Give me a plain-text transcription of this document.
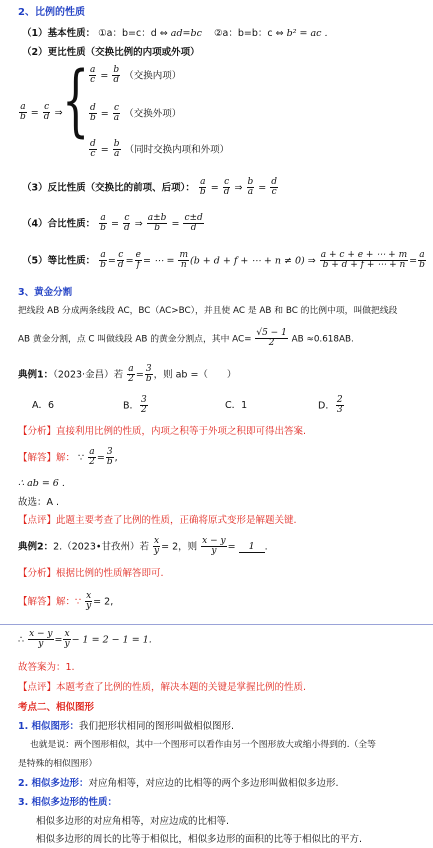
2、比例的性质
（1）基本性质： ①a：b=c：d ⇔ ad=bc ②a：b=b：c ⇔ b² = ac .
（2）更比性质（交换比例的内项或外项）
$\frac{a}{b} = \frac{c}{d}$ ⇒ { $\frac{a}{c} = \frac{b}{d}$ （交换内项）
$\frac{d}{b} = \frac{c}{a}$ （交换外项）
$\frac{d}{c} = \frac{b}{a}$ （同时交换内项和外项）
（3）反比性质（交换比的前项、后项）： $\frac{a}{b} = \frac{c}{d}$ ⇒ $\frac{b}{a} = \frac{d}{c}$
（4）合比性质： $\frac{a}{b} = \frac{c}{d}$ ⇒ $\frac{a\pm b}{b} = \frac{c\pm d}{d}$
（5）等比性质： $\frac{a}{b} = \frac{c}{d} = \frac{e}{f}$ = ⋯ = $\frac{m}{n} (b + d + f$ + ⋯ + n ≠ 0) ⇒ $\frac{a + c + e + \cdots + m}{b + d + f + \cdots + n} = \frac{a}{b}$
3、黄金分割
把线段 AB 分成两条线段 AC，BC（AC>BC），并且使 AC 是 AB 和 BC 的比例中项，叫做把线段
AB 黄金分割，点 C 叫做线段 AB 的黄金分割点，其中 $AC= \frac{√5 - 1}{2}$ AB ≈0.618AB.
典例1：（2023·金昌）若 $\frac{a}{2} = \frac{3}{b}$ ，则 ab =（　　）
A．6	B． $\frac{3}{2}$	C．1	D． $\frac{2}{3}$
【分析】直接利用比例的性质，内项之积等于外项之积即可得出答案.
【解答】解： ∵ $\frac{a}{2} = \frac{3}{b}$ ,
∴ ab = 6 .
故选：A .
【点评】此题主要考查了比例的性质，正确将原式变形是解题关键.
典例2：2.（2023•甘孜州）若 $\frac{x}{y} = 2$，则 $\frac{x - y}{y} = 1$ .
【分析】根据比例的性质解答即可.
【解答】解：∵ $\frac{x}{y} = 2$,
∴ $\frac{x - y}{y} = \frac{x}{y} - 1 = 2 - 1 = 1$.
故答案为：1.
【点评】本题考查了比例的性质，解决本题的关键是掌握比例的性质.
考点二、相似图形
1. 相似图形：我们把形状相同的图形叫做相似图形.
也就是说：两个图形相似，其中一个图形可以看作由另一个图形放大或缩小得到的.（全等
是特殊的相似图形）
2. 相似多边形：对应角相等，对应边的比相等的两个多边形叫做相似多边形.
3. 相似多边形的性质：
相似多边形的对应角相等，对应边成的比相等.
相似多边形的周长的比等于相似比，相似多边形的面积的比等于相似比的平方.
